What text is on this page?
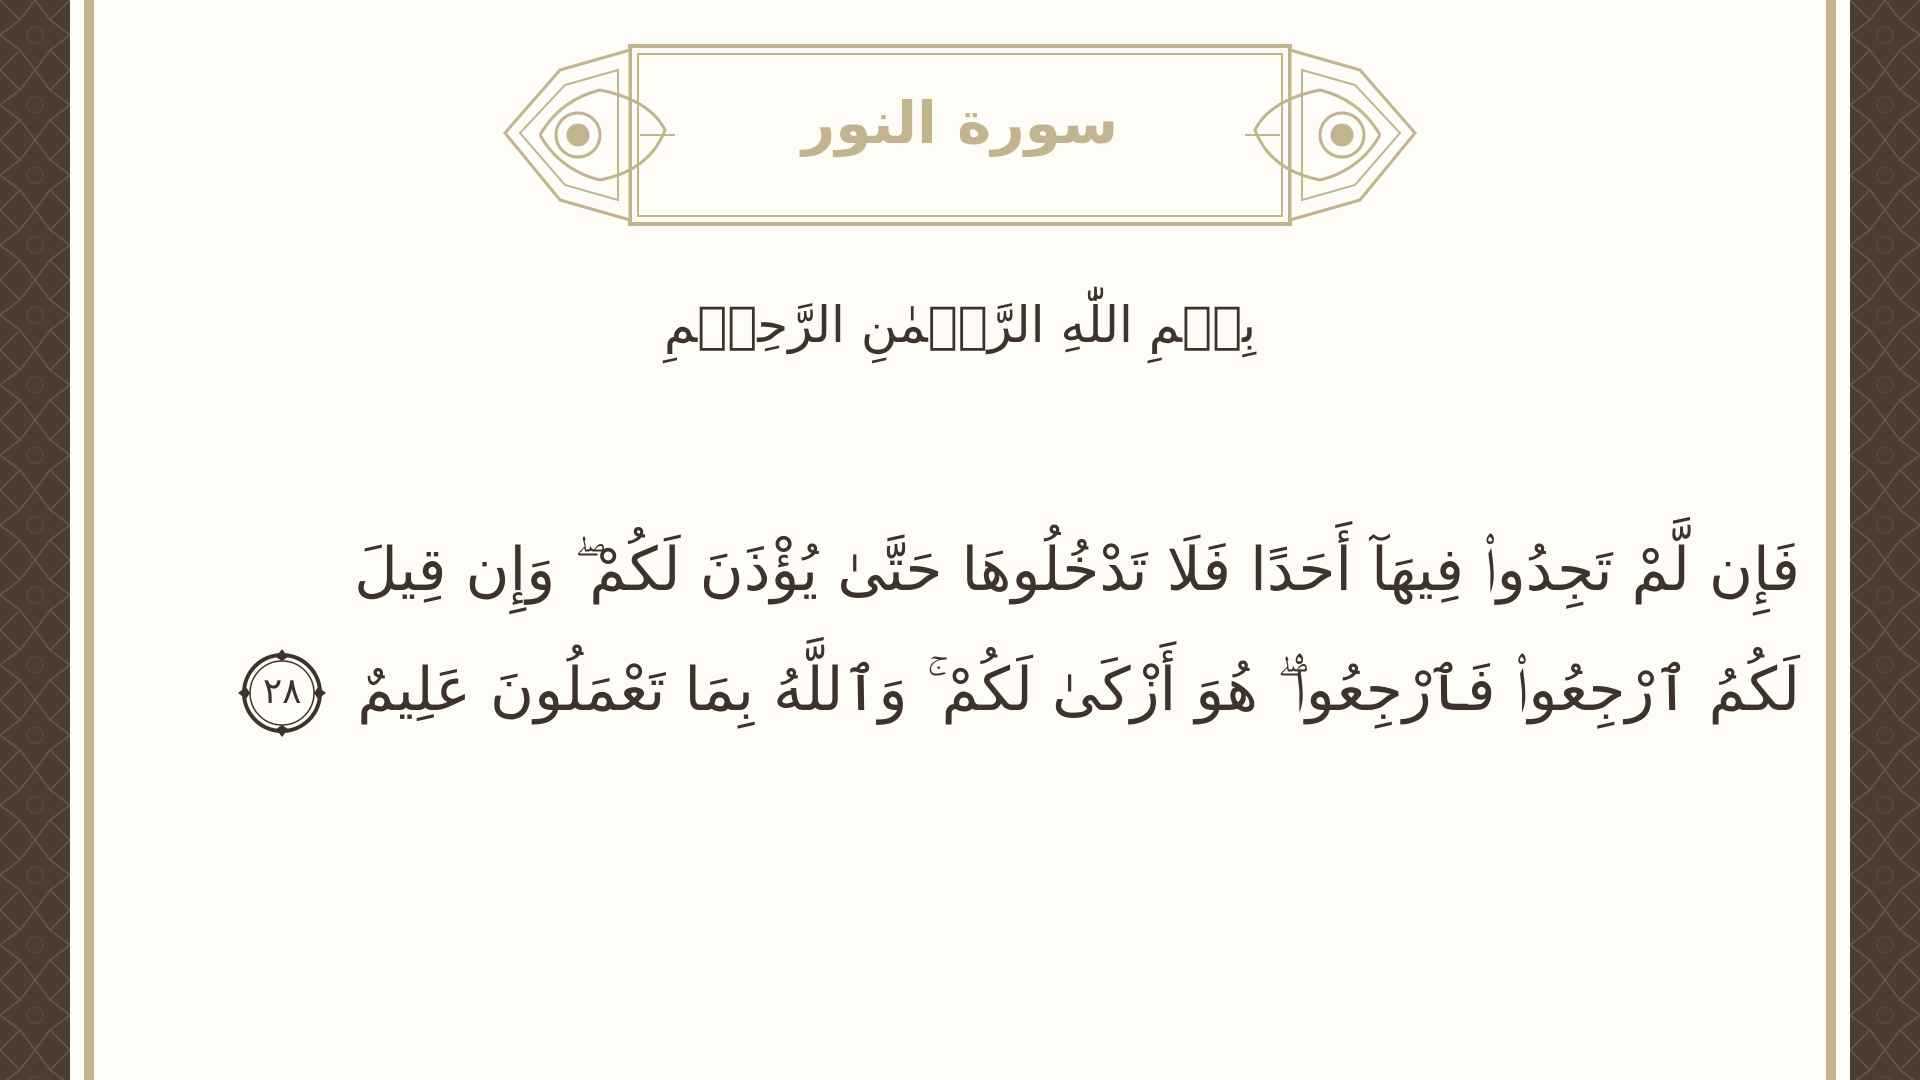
سورة النور
بِسۡمِ اللّٰهِ الرَّحۡمٰنِ الرَّحِيۡمِ
فَإِن لَّمْ تَجِدُوا۟ فِيهَآ أَحَدًا فَلَا تَدْخُلُوهَا حَتَّىٰ يُؤْذَنَ لَكُمْ ۖ وَإِن قِيلَ
لَكُمُ ٱرْجِعُوا۟ فَٱرْجِعُوا۟ ۖ هُوَ أَزْكَىٰ لَكُمْ ۚ وَٱللَّهُ بِمَا تَعْمَلُونَ عَلِيمٌ
٢٨
